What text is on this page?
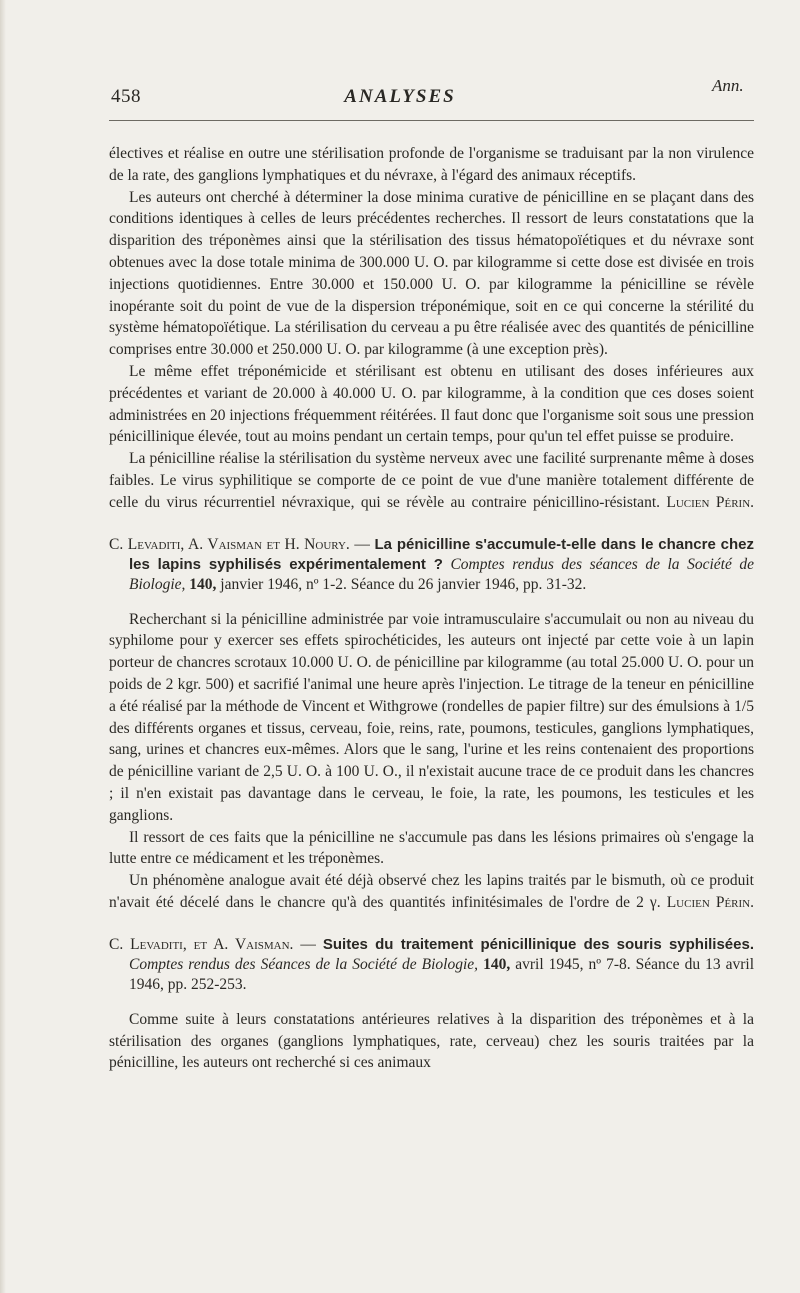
458	ANALYSES
Ann.

électives et réalise en outre une stérilisation profonde de l'organisme se traduisant par la non virulence de la rate, des ganglions lymphatiques et du névraxe, à l'égard des animaux réceptifs.

Les auteurs ont cherché à déterminer la dose minima curative de pénicilline en se plaçant dans des conditions identiques à celles de leurs précédentes recherches. Il ressort de leurs constatations que la disparition des tréponèmes ainsi que la stérilisation des tissus hématopoïétiques et du névraxe sont obtenues avec la dose totale minima de 300.000 U. O. par kilogramme si cette dose est divisée en trois injections quotidiennes. Entre 30.000 et 150.000 U. O. par kilogramme la pénicilline se révèle inopérante soit du point de vue de la dispersion tréponémique, soit en ce qui concerne la stérilité du système hématopoïétique. La stérilisation du cerveau a pu être réalisée avec des quantités de pénicilline comprises entre 30.000 et 250.000 U. O. par kilogramme (à une exception près).

Le même effet tréponémicide et stérilisant est obtenu en utilisant des doses inférieures aux précédentes et variant de 20.000 à 40.000 U. O. par kilogramme, à la condition que ces doses soient administrées en 20 injections fréquemment réitérées. Il faut donc que l'organisme soit sous une pression pénicillinique élevée, tout au moins pendant un certain temps, pour qu'un tel effet puisse se produire.

La pénicilline réalise la stérilisation du système nerveux avec une facilité surprenante même à doses faibles. Le virus syphilitique se comporte de ce point de vue d'une manière totalement différente de celle du virus récurrentiel névraxique, qui se révèle au contraire pénicillino-résistant. Lucien Périn.

C. Levaditi, A. Vaisman et H. Noury. — La pénicilline s'accumule-t-elle dans le chancre chez les lapins syphilisés expérimentalement ? Comptes rendus des séances de la Société de Biologie, 140, janvier 1946, nº 1-2. Séance du 26 janvier 1946, pp. 31-32.

Recherchant si la pénicilline administrée par voie intramusculaire s'accumulait ou non au niveau du syphilome pour y exercer ses effets spirochéticides, les auteurs ont injecté par cette voie à un lapin porteur de chancres scrotaux 10.000 U. O. de pénicilline par kilogramme (au total 25.000 U. O. pour un poids de 2 kgr. 500) et sacrifié l'animal une heure après l'injection. Le titrage de la teneur en pénicilline a été réalisé par la méthode de Vincent et Withgrowe (rondelles de papier filtre) sur des émulsions à 1/5 des différents organes et tissus, cerveau, foie, reins, rate, poumons, testicules, ganglions lymphatiques, sang, urines et chancres eux-mêmes. Alors que le sang, l'urine et les reins contenaient des proportions de pénicilline variant de 2,5 U. O. à 100 U. O., il n'existait aucune trace de ce produit dans les chancres ; il n'en existait pas davantage dans le cerveau, le foie, la rate, les poumons, les testicules et les ganglions.

Il ressort de ces faits que la pénicilline ne s'accumule pas dans les lésions primaires où s'engage la lutte entre ce médicament et les tréponèmes.

Un phénomène analogue avait été déjà observé chez les lapins traités par le bismuth, où ce produit n'avait été décelé dans le chancre qu'à des quantités infinitésimales de l'ordre de 2 γ. Lucien Périn.

C. Levaditi, et A. Vaisman. — Suites du traitement pénicillinique des souris syphilisées. Comptes rendus des Séances de la Société de Biologie, 140, avril 1945, nº 7-8. Séance du 13 avril 1946, pp. 252-253.

Comme suite à leurs constatations antérieures relatives à la disparition des tréponèmes et à la stérilisation des organes (ganglions lymphatiques, rate, cerveau) chez les souris traitées par la pénicilline, les auteurs ont recherché si ces animaux
